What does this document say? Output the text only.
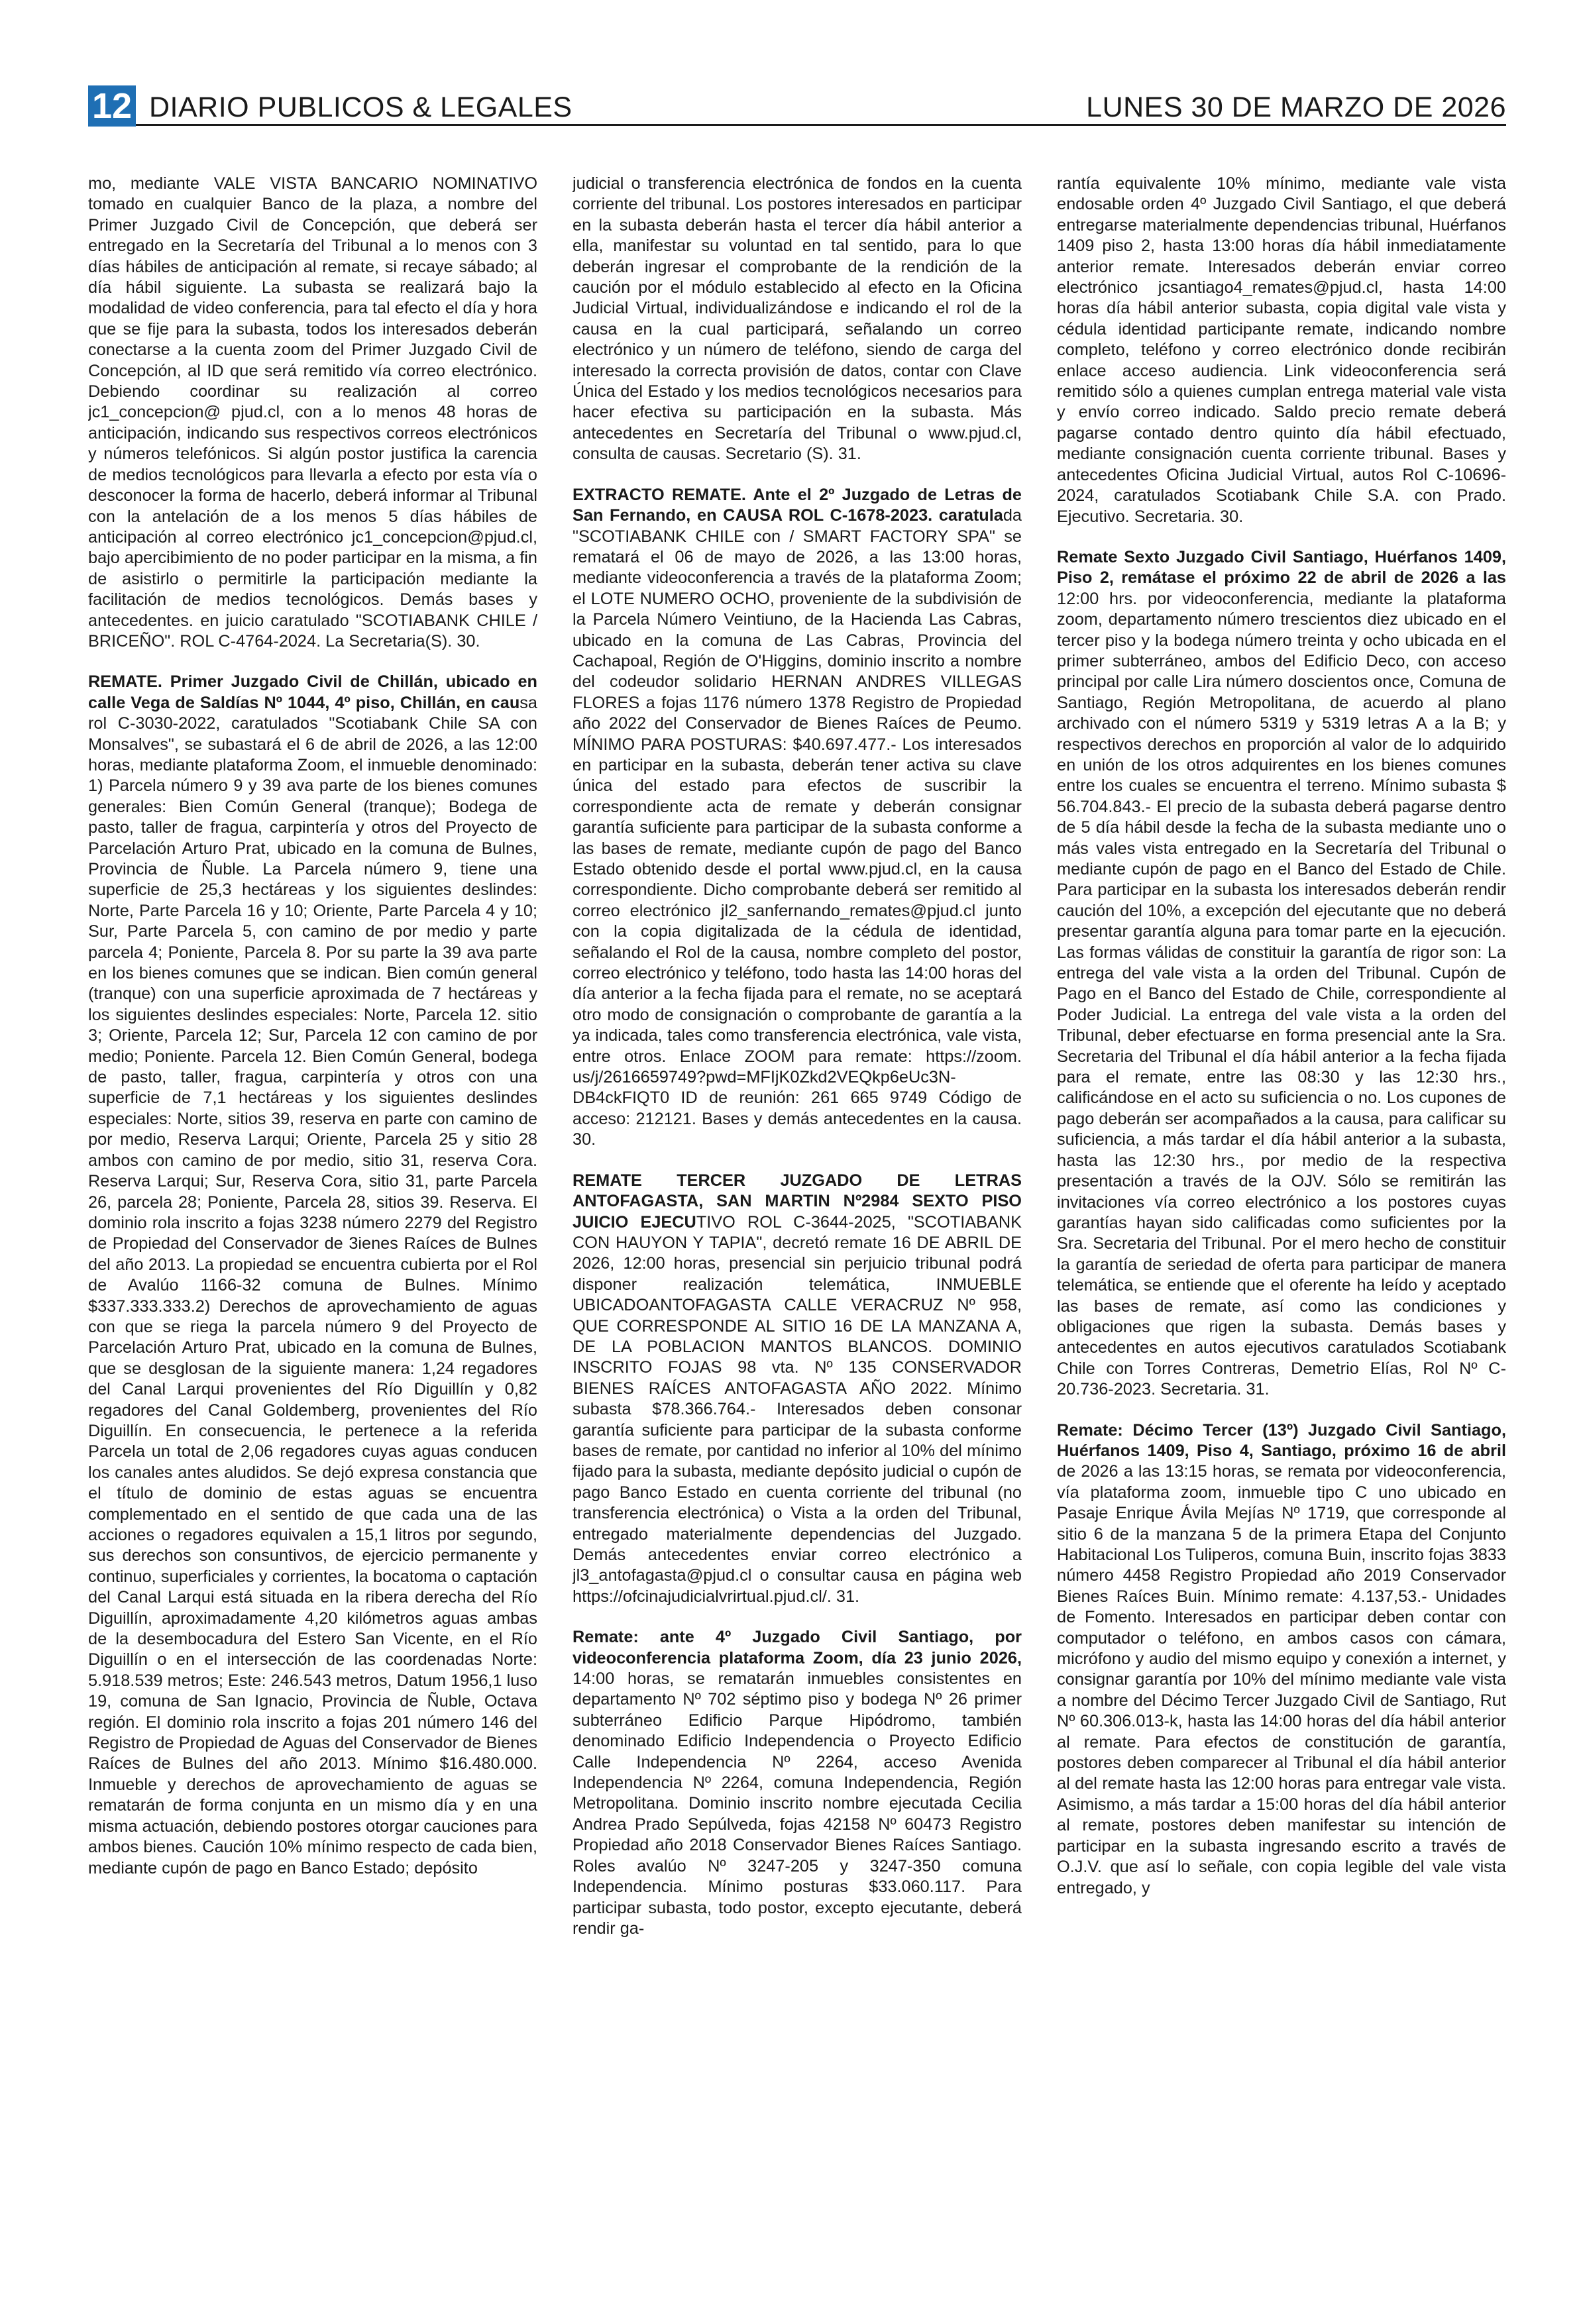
12 DIARIO PUBLICOS & LEGALES	LUNES 30 DE MARZO DE 2026

mo, mediante VALE VISTA BANCARIO NOMINATIVO tomado en cualquier Banco de la plaza, a nombre del Primer Juzgado Civil de Concepción, que deberá ser entregado en la Secretaría del Tribunal a lo menos con 3 días hábiles de anticipación al remate, si recaye sábado; al día hábil siguiente. La subasta se realizará bajo la modalidad de video conferencia, para tal efecto el día y hora que se fije para la subasta, todos los interesados deberán conectarse a la cuenta zoom del Primer Juzgado Civil de Concepción, al ID que será remitido vía correo electrónico. Debiendo coordinar su realización al correo jc1_concepcion@ pjud.cl, con a lo menos 48 horas de anticipación, indicando sus respectivos correos electrónicos y números telefónicos. Si algún postor justifica la carencia de medios tecnológicos para llevarla a efecto por esta vía o desconocer la forma de hacerlo, deberá informar al Tribunal con la antelación de a los menos 5 días hábiles de anticipación al correo electrónico jc1_concepcion@pjud.cl, bajo apercibimiento de no poder participar en la misma, a fin de asistirlo o permitirle la participación mediante la facilitación de medios tecnológicos. Demás bases y antecedentes. en juicio caratulado "SCOTIABANK CHILE / BRICEÑO". ROL C-4764-2024. La Secretaria(S). 30.

REMATE. Primer Juzgado Civil de Chillán, ubicado en calle Vega de Saldías Nº 1044, 4º piso, Chillán, en causa rol C-3030-2022, caratulados "Scotiabank Chile SA con Monsalves", se subastará el 6 de abril de 2026, a las 12:00 horas, mediante plataforma Zoom, el inmueble denominado: 1) Parcela número 9 y 39 ava parte de los bienes comunes generales: Bien Común General (tranque); Bodega de pasto, taller de fragua, carpintería y otros del Proyecto de Parcelación Arturo Prat, ubicado en la comuna de Bulnes, Provincia de Ñuble. La Parcela número 9, tiene una superficie de 25,3 hectáreas y los siguientes deslindes: Norte, Parte Parcela 16 y 10; Oriente, Parte Parcela 4 y 10; Sur, Parte Parcela 5, con camino de por medio y parte parcela 4; Poniente, Parcela 8. Por su parte la 39 ava parte en los bienes comunes que se indican. Bien común general (tranque) con una superficie aproximada de 7 hectáreas y los siguientes deslindes especiales: Norte, Parcela 12. sitio 3; Oriente, Parcela 12; Sur, Parcela 12 con camino de por medio; Poniente. Parcela 12. Bien Común General, bodega de pasto, taller, fragua, carpintería y otros con una superficie de 7,1 hectáreas y los siguientes deslindes especiales: Norte, sitios 39, reserva en parte con camino de por medio, Reserva Larqui; Oriente, Parcela 25 y sitio 28 ambos con camino de por medio, sitio 31, reserva Cora. Reserva Larqui; Sur, Reserva Cora, sitio 31, parte Parcela 26, parcela 28; Poniente, Parcela 28, sitios 39. Reserva. El dominio rola inscrito a fojas 3238 número 2279 del Registro de Propiedad del Conservador de 3ienes Raíces de Bulnes del año 2013. La propiedad se encuentra cubierta por el Rol de Avalúo 1166-32 comuna de Bulnes. Mínimo $337.333.333.2) Derechos de aprovechamiento de aguas con que se riega la parcela número 9 del Proyecto de Parcelación Arturo Prat, ubicado en la comuna de Bulnes, que se desglosan de la siguiente manera: 1,24 regadores del Canal Larqui provenientes del Río Diguillín y 0,82 regadores del Canal Goldemberg, provenientes del Río Diguillín. En consecuencia, le pertenece a la referida Parcela un total de 2,06 regadores cuyas aguas conducen los canales antes aludidos. Se dejó expresa constancia que el título de dominio de estas aguas se encuentra complementado en el sentido de que cada una de las acciones o regadores equivalen a 15,1 litros por segundo, sus derechos son consuntivos, de ejercicio permanente y continuo, superficiales y corrientes, la bocatoma o captación del Canal Larqui está situada en la ribera derecha del Río Diguillín, aproximadamente 4,20 kilómetros aguas ambas de la desembocadura del Estero San Vicente, en el Río Diguillín o en el intersección de las coordenadas Norte: 5.918.539 metros; Este: 246.543 metros, Datum 1956,1 luso 19, comuna de San Ignacio, Provincia de Ñuble, Octava región. El dominio rola inscrito a fojas 201 número 146 del Registro de Propiedad de Aguas del Conservador de Bienes Raíces de Bulnes del año 2013. Mínimo $16.480.000. Inmueble y derechos de aprovechamiento de aguas se rematarán de forma conjunta en un mismo día y en una misma actuación, debiendo postores otorgar cauciones para ambos bienes. Caución 10% mínimo respecto de cada bien, mediante cupón de pago en Banco Estado; depósito

judicial o transferencia electrónica de fondos en la cuenta corriente del tribunal. Los postores interesados en participar en la subasta deberán hasta el tercer día hábil anterior a ella, manifestar su voluntad en tal sentido, para lo que deberán ingresar el comprobante de la rendición de la caución por el módulo establecido al efecto en la Oficina Judicial Virtual, individualizándose e indicando el rol de la causa en la cual participará, señalando un correo electrónico y un número de teléfono, siendo de carga del interesado la correcta provisión de datos, contar con Clave Única del Estado y los medios tecnológicos necesarios para hacer efectiva su participación en la subasta. Más antecedentes en Secretaría del Tribunal o www.pjud.cl, consulta de causas. Secretario (S). 31.

EXTRACTO REMATE. Ante el 2º Juzgado de Letras de San Fernando, en CAUSA ROL C-1678-2023. caratulada "SCOTIABANK CHILE con / SMART FACTORY SPA" se rematará el 06 de mayo de 2026, a las 13:00 horas, mediante videoconferencia a través de la plataforma Zoom; el LOTE NUMERO OCHO, proveniente de la subdivisión de la Parcela Número Veintiuno, de la Hacienda Las Cabras, ubicado en la comuna de Las Cabras, Provincia del Cachapoal, Región de O'Higgins, dominio inscrito a nombre del codeudor solidario HERNAN ANDRES VILLEGAS FLORES a fojas 1176 número 1378 Registro de Propiedad año 2022 del Conservador de Bienes Raíces de Peumo. MÍNIMO PARA POSTURAS: $40.697.477.- Los interesados en participar en la subasta, deberán tener activa su clave única del estado para efectos de suscribir la correspondiente acta de remate y deberán consignar garantía suficiente para participar de la subasta conforme a las bases de remate, mediante cupón de pago del Banco Estado obtenido desde el portal www.pjud.cl, en la causa correspondiente. Dicho comprobante deberá ser remitido al correo electrónico jl2_sanfernando_remates@pjud.cl junto con la copia digitalizada de la cédula de identidad, señalando el Rol de la causa, nombre completo del postor, correo electrónico y teléfono, todo hasta las 14:00 horas del día anterior a la fecha fijada para el remate, no se aceptará otro modo de consignación o comprobante de garantía a la ya indicada, tales como transferencia electrónica, vale vista, entre otros. Enlace ZOOM para remate: https://zoom. us/j/2616659749?pwd=MFIjK0Zkd2VEQkp6eUc3N-DB4ckFIQT0 ID de reunión: 261 665 9749 Código de acceso: 212121. Bases y demás antecedentes en la causa. 30.

REMATE TERCER JUZGADO DE LETRAS ANTOFAGASTA, SAN MARTIN Nº2984 SEXTO PISO JUICIO EJECUTIVO ROL C-3644-2025, "SCOTIABANK CON HAUYON Y TAPIA", decretó remate 16 DE ABRIL DE 2026, 12:00 horas, presencial sin perjuicio tribunal podrá disponer realización telemática, INMUEBLE UBICADOANTOFAGASTA CALLE VERACRUZ Nº 958, QUE CORRESPONDE AL SITIO 16 DE LA MANZANA A, DE LA POBLACION MANTOS BLANCOS. DOMINIO INSCRITO FOJAS 98 vta. Nº 135 CONSERVADOR BIENES RAÍCES ANTOFAGASTA AÑO 2022. Mínimo subasta $78.366.764.- Interesados deben consonar garantía suficiente para participar de la subasta conforme bases de remate, por cantidad no inferior al 10% del mínimo fijado para la subasta, mediante depósito judicial o cupón de pago Banco Estado en cuenta corriente del tribunal (no transferencia electrónica) o Vista a la orden del Tribunal, entregado materialmente dependencias del Juzgado. Demás antecedentes enviar correo electrónico a jl3_antofagasta@pjud.cl o consultar causa en página web https://ofcinajudicialvrirtual.pjud.cl/. 31.

Remate: ante 4º Juzgado Civil Santiago, por videoconferencia plataforma Zoom, día 23 junio 2026, 14:00 horas, se rematarán inmuebles consistentes en departamento Nº 702 séptimo piso y bodega Nº 26 primer subterráneo Edificio Parque Hipódromo, también denominado Edificio Independencia o Proyecto Edificio Calle Independencia Nº 2264, acceso Avenida Independencia Nº 2264, comuna Independencia, Región Metropolitana. Dominio inscrito nombre ejecutada Cecilia Andrea Prado Sepúlveda, fojas 42158 Nº 60473 Registro Propiedad año 2018 Conservador Bienes Raíces Santiago. Roles avalúo Nº 3247-205 y 3247-350 comuna Independencia. Mínimo posturas $33.060.117. Para participar subasta, todo postor, excepto ejecutante, deberá rendir ga-

rantía equivalente 10% mínimo, mediante vale vista endosable orden 4º Juzgado Civil Santiago, el que deberá entregarse materialmente dependencias tribunal, Huérfanos 1409 piso 2, hasta 13:00 horas día hábil inmediatamente anterior remate. Interesados deberán enviar correo electrónico jcsantiago4_remates@pjud.cl, hasta 14:00 horas día hábil anterior subasta, copia digital vale vista y cédula identidad participante remate, indicando nombre completo, teléfono y correo electrónico donde recibirán enlace acceso audiencia. Link videoconferencia será remitido sólo a quienes cumplan entrega material vale vista y envío correo indicado. Saldo precio remate deberá pagarse contado dentro quinto día hábil efectuado, mediante consignación cuenta corriente tribunal. Bases y antecedentes Oficina Judicial Virtual, autos Rol C-10696-2024, caratulados Scotiabank Chile S.A. con Prado. Ejecutivo. Secretaria. 30.

Remate Sexto Juzgado Civil Santiago, Huérfanos 1409, Piso 2, remátase el próximo 22 de abril de 2026 a las 12:00 hrs. por videoconferencia, mediante la plataforma zoom, departamento número trescientos diez ubicado en el tercer piso y la bodega número treinta y ocho ubicada en el primer subterráneo, ambos del Edificio Deco, con acceso principal por calle Lira número doscientos once, Comuna de Santiago, Región Metropolitana, de acuerdo al plano archivado con el número 5319 y 5319 letras A a la B; y respectivos derechos en proporción al valor de lo adquirido en unión de los otros adquirentes en los bienes comunes entre los cuales se encuentra el terreno. Mínimo subasta $ 56.704.843.- El precio de la subasta deberá pagarse dentro de 5 día hábil desde la fecha de la subasta mediante uno o más vales vista entregado en la Secretaría del Tribunal o mediante cupón de pago en el Banco del Estado de Chile. Para participar en la subasta los interesados deberán rendir caución del 10%, a excepción del ejecutante que no deberá presentar garantía alguna para tomar parte en la ejecución. Las formas válidas de constituir la garantía de rigor son: La entrega del vale vista a la orden del Tribunal. Cupón de Pago en el Banco del Estado de Chile, correspondiente al Poder Judicial. La entrega del vale vista a la orden del Tribunal, deber efectuarse en forma presencial ante la Sra. Secretaria del Tribunal el día hábil anterior a la fecha fijada para el remate, entre las 08:30 y las 12:30 hrs., calificándose en el acto su suficiencia o no. Los cupones de pago deberán ser acompañados a la causa, para calificar su suficiencia, a más tardar el día hábil anterior a la subasta, hasta las 12:30 hrs., por medio de la respectiva presentación a través de la OJV. Sólo se remitirán las invitaciones vía correo electrónico a los postores cuyas garantías hayan sido calificadas como suficientes por la Sra. Secretaria del Tribunal. Por el mero hecho de constituir la garantía de seriedad de oferta para participar de manera telemática, se entiende que el oferente ha leído y aceptado las bases de remate, así como las condiciones y obligaciones que rigen la subasta. Demás bases y antecedentes en autos ejecutivos caratulados Scotiabank Chile con Torres Contreras, Demetrio Elías, Rol Nº C-20.736-2023. Secretaria. 31.

Remate: Décimo Tercer (13º) Juzgado Civil Santiago, Huérfanos 1409, Piso 4, Santiago, próximo 16 de abril de 2026 a las 13:15 horas, se remata por videoconferencia, vía plataforma zoom, inmueble tipo C uno ubicado en Pasaje Enrique Ávila Mejías Nº 1719, que corresponde al sitio 6 de la manzana 5 de la primera Etapa del Conjunto Habitacional Los Tuliperos, comuna Buin, inscrito fojas 3833 número 4458 Registro Propiedad año 2019 Conservador Bienes Raíces Buin. Mínimo remate: 4.137,53.- Unidades de Fomento. Interesados en participar deben contar con computador o teléfono, en ambos casos con cámara, micrófono y audio del mismo equipo y conexión a internet, y consignar garantía por 10% del mínimo mediante vale vista a nombre del Décimo Tercer Juzgado Civil de Santiago, Rut Nº 60.306.013-k, hasta las 14:00 horas del día hábil anterior al remate. Para efectos de constitución de garantía, postores deben comparecer al Tribunal el día hábil anterior al del remate hasta las 12:00 horas para entregar vale vista. Asimismo, a más tardar a 15:00 horas del día hábil anterior al remate, postores deben manifestar su intención de participar en la subasta ingresando escrito a través de O.J.V. que así lo señale, con copia legible del vale vista entregado, y
